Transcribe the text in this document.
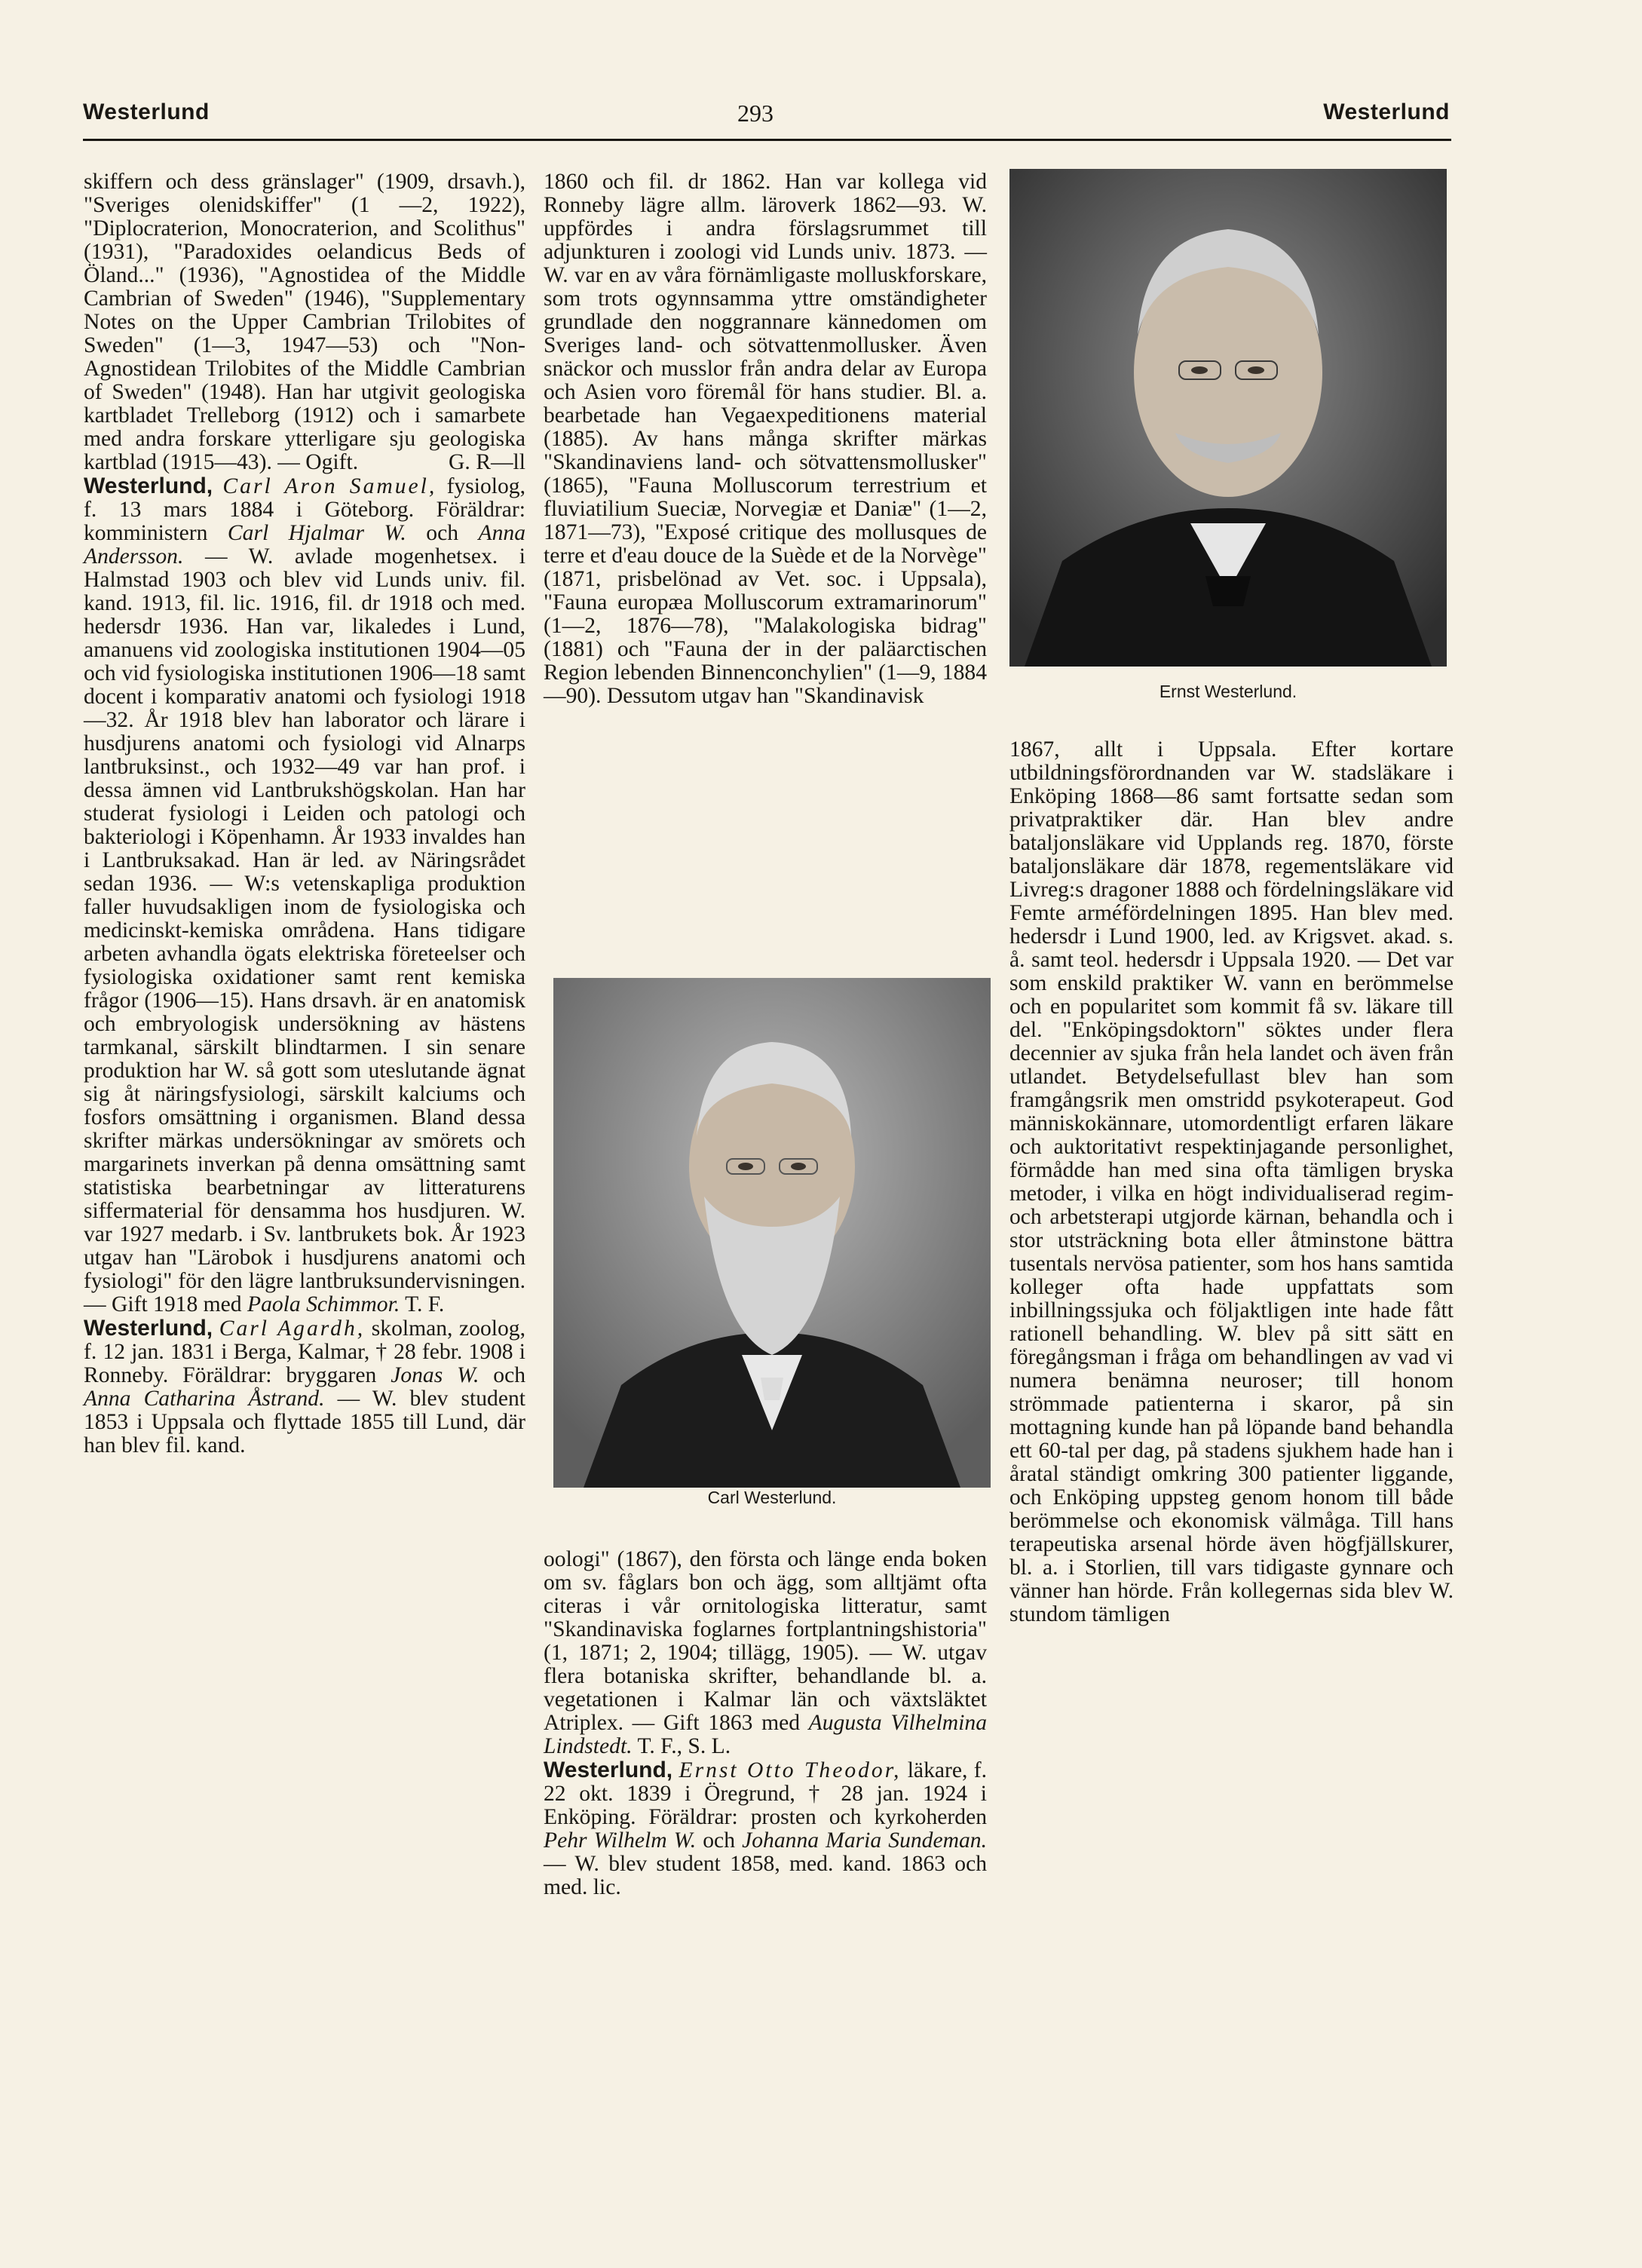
Westerlund	293	Westerlund

skiffern och dess gränslager" (1909, drsavh.), "Sveriges olenidskiffer" (1 —2, 1922), "Diplocraterion, Monocraterion, and Scolithus" (1931), "Paradoxides oelandicus Beds of Öland..." (1936), "Agnostidea of the Middle Cambrian of Sweden" (1946), "Supplementary Notes on the Upper Cambrian Trilobites of Sweden" (1—3, 1947—53) och "Non-Agnostidean Trilobites of the Middle Cambrian of Sweden" (1948). Han har utgivit geologiska kartbladet Trelleborg (1912) och i samarbete med andra forskare ytterligare sju geologiska kartblad (1915—43). — Ogift.	G. R—ll

Westerlund, Carl Aron Samuel, fysiolog, f. 13 mars 1884 i Göteborg. Föräldrar: komministern Carl Hjalmar W. och Anna Andersson. — W. avlade mogenhetsex. i Halmstad 1903 och blev vid Lunds univ. fil. kand. 1913, fil. lic. 1916, fil. dr 1918 och med. hedersdr 1936. Han var, likaledes i Lund, amanuens vid zoologiska institutionen 1904—05 och vid fysiologiska institutionen 1906—18 samt docent i komparativ anatomi och fysiologi 1918—32. År 1918 blev han laborator och lärare i husdjurens anatomi och fysiologi vid Alnarps lantbruksinst., och 1932—49 var han prof. i dessa ämnen vid Lantbrukshögskolan. Han har studerat fysiologi i Leiden och patologi och bakteriologi i Köpenhamn. År 1933 invaldes han i Lantbruksakad. Han är led. av Näringsrådet sedan 1936. — W:s vetenskapliga produktion faller huvudsakligen inom de fysiologiska och medicinskt-kemiska områdena. Hans tidigare arbeten avhandla ögats elektriska företeelser och fysiologiska oxidationer samt rent kemiska frågor (1906—15). Hans drsavh. är en anatomisk och embryologisk undersökning av hästens tarmkanal, särskilt blindtarmen. I sin senare produktion har W. så gott som uteslutande ägnat sig åt näringsfysiologi, särskilt kalciums och fosfors omsättning i organismen. Bland dessa skrifter märkas undersökningar av smörets och margarinets inverkan på denna omsättning samt statistiska bearbetningar av litteraturens siffermaterial för densamma hos husdjuren. W. var 1927 medarb. i Sv. lantbrukets bok. År 1923 utgav han "Lärobok i husdjurens anatomi och fysiologi" för den lägre lantbruksundervisningen. — Gift 1918 med Paola Schimmor. T. F.

Westerlund, Carl Agardh, skolman, zoolog, f. 12 jan. 1831 i Berga, Kalmar, † 28 febr. 1908 i Ronneby. Föräldrar: bryggaren Jonas W. och Anna Catharina Åstrand. — W. blev student 1853 i Uppsala och flyttade 1855 till Lund, där han blev fil. kand.

1860 och fil. dr 1862. Han var kollega vid Ronneby lägre allm. läroverk 1862—93. W. uppfördes i andra förslagsrummet till adjunkturen i zoologi vid Lunds univ. 1873. — W. var en av våra förnämligaste molluskforskare, som trots ogynnsamma yttre omständigheter grundlade den noggrannare kännedomen om Sveriges land- och sötvattenmollusker. Även snäckor och musslor från andra delar av Europa och Asien voro föremål för hans studier. Bl. a. bearbetade han Vegaexpeditionens material (1885). Av hans många skrifter märkas "Skandinaviens land- och sötvattensmollusker" (1865), "Fauna Molluscorum terrestrium et fluviatilium Sueciæ, Norvegiæ et Daniæ" (1—2, 1871—73), "Exposé critique des mollusques de terre et d'eau douce de la Suède et de la Norvège" (1871, prisbelönad av Vet. soc. i Uppsala), "Fauna europæa Molluscorum extramarinorum" (1—2, 1876—78), "Malakologiska bidrag" (1881) och "Fauna der in der paläarctischen Region lebenden Binnenconchylien" (1—9, 1884—90). Dessutom utgav han "Skandinavisk

Carl Westerlund.

oologi" (1867), den första och länge enda boken om sv. fåglars bon och ägg, som alltjämt ofta citeras i vår ornitologiska litteratur, samt "Skandinaviska foglarnes fortplantningshistoria" (1, 1871; 2, 1904; tillägg, 1905). — W. utgav flera botaniska skrifter, behandlande bl. a. vegetationen i Kalmar län och växtsläktet Atriplex. — Gift 1863 med Augusta Vilhelmina Lindstedt. T. F., S. L.

Westerlund, Ernst Otto Theodor, läkare, f. 22 okt. 1839 i Öregrund, † 28 jan. 1924 i Enköping. Föräldrar: prosten och kyrkoherden Pehr Wilhelm W. och Johanna Maria Sundeman. — W. blev student 1858, med. kand. 1863 och med. lic.

Ernst Westerlund.

1867, allt i Uppsala. Efter kortare utbildningsförordnanden var W. stadsläkare i Enköping 1868—86 samt fortsatte sedan som privatpraktiker där. Han blev andre bataljonsläkare vid Upplands reg. 1870, förste bataljonsläkare där 1878, regementsläkare vid Livreg:s dragoner 1888 och fördelningsläkare vid Femte arméfördelningen 1895. Han blev med. hedersdr i Lund 1900, led. av Krigsvet. akad. s. å. samt teol. hedersdr i Uppsala 1920. — Det var som enskild praktiker W. vann en berömmelse och en popularitet som kommit få sv. läkare till del. "Enköpingsdoktorn" söktes under flera decennier av sjuka från hela landet och även från utlandet. Betydelsefullast blev han som framgångsrik men omstridd psykoterapeut. God människokännare, utomordentligt erfaren läkare och auktoritativt respektinjagande personlighet, förmådde han med sina ofta tämligen bryska metoder, i vilka en högt individualiserad regim- och arbetsterapi utgjorde kärnan, behandla och i stor utsträckning bota eller åtminstone bättra tusentals nervösa patienter, som hos hans samtida kolleger ofta hade uppfattats som inbillningssjuka och följaktligen inte hade fått rationell behandling. W. blev på sitt sätt en föregångsman i fråga om behandlingen av vad vi numera benämna neuroser; till honom strömmade patienterna i skaror, på sin mottagning kunde han på löpande band behandla ett 60-tal per dag, på stadens sjukhem hade han i åratal ständigt omkring 300 patienter liggande, och Enköping uppsteg genom honom till både berömmelse och ekonomisk välmåga. Till hans terapeutiska arsenal hörde även högfjällskurer, bl. a. i Storlien, till vars tidigaste gynnare och vänner han hörde. Från kollegernas sida blev W. stundom tämligen
